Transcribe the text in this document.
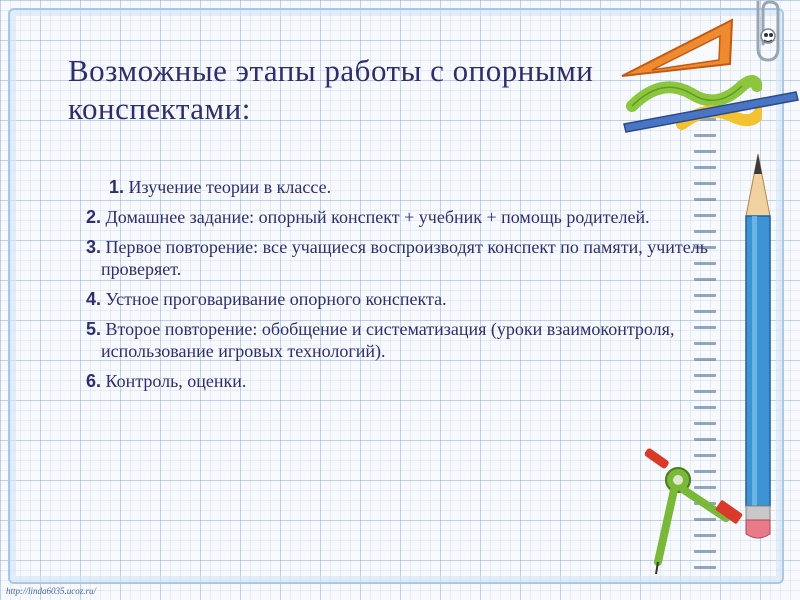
Возможные этапы работы с опорными
конспектами:
1. Изучение теории в классе.
2. Домашнее задание: опорный конспект + учебник + помощь родителей.
3. Первое повторение: все учащиеся воспроизводят конспект по памяти, учитель проверяет.
4. Устное проговаривание опорного конспекта.
5. Второе повторение: обобщение и систематизация (уроки взаимоконтроля, использование игровых технологий).
6. Контроль, оценки.
http://linda6035.ucoz.ru/
